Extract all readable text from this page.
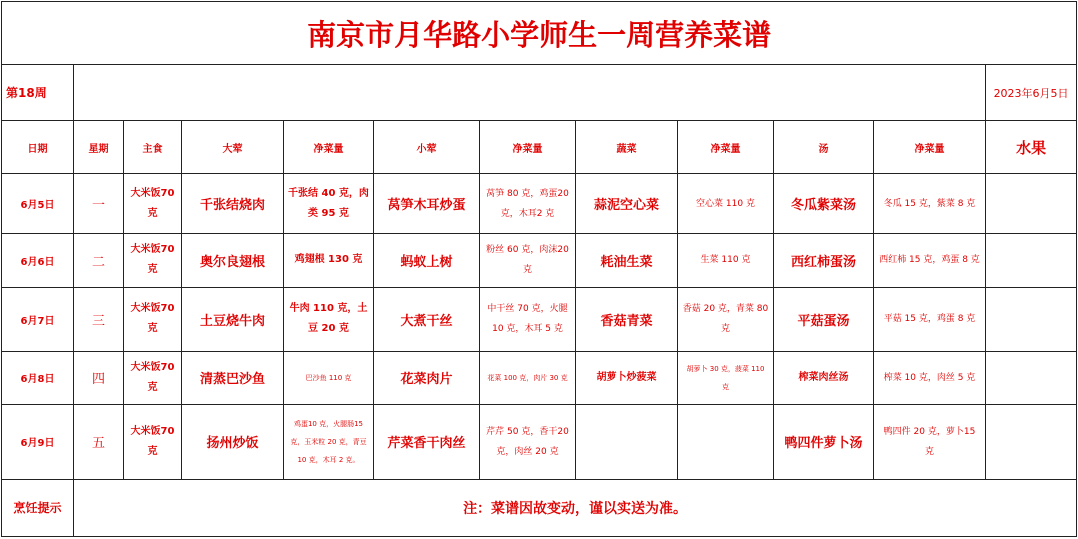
南京市月华路小学师生一周营养菜谱											
第18周											2023年6月5日
日期	星期	主食	大荤	净菜量	小荤	净菜量	蔬菜	净菜量	汤	净菜量	水果
6月5日	一	大米饭70克	千张结烧肉	千张结 40 克，肉类 95 克	莴笋木耳炒蛋	莴笋 80 克，鸡蛋20 克，木耳2 克	蒜泥空心菜	空心菜 110 克	冬瓜紫菜汤	冬瓜 15 克，紫菜 8 克	
6月6日	二	大米饭70克	奥尔良翅根	鸡翅根 130 克	蚂蚁上树	粉丝 60 克，肉沫20 克	耗油生菜	生菜 110 克	西红柿蛋汤	西红柿 15 克，鸡蛋 8 克	
6月7日	三	大米饭70克	土豆烧牛肉	牛肉 110 克，土豆 20 克	大煮干丝	中干丝 70 克，火腿 10 克，木耳 5 克	香菇青菜	香菇 20 克，青菜 80 克	平菇蛋汤	平菇 15 克，鸡蛋 8 克	
6月8日	四	大米饭70克	清蒸巴沙鱼	巴沙鱼 110 克	花菜肉片	花菜 100 克，肉片 30 克	胡萝卜炒菠菜	胡萝卜 30 克，菠菜 110 克	榨菜肉丝汤	榨菜 10 克，肉丝 5 克	
6月9日	五	大米饭70克	扬州炒饭	鸡蛋10 克，火腿肠15 克，玉米粒 20 克，青豆 10 克，木耳 2 克。	芹菜香干肉丝	芹芹 50 克，香干20 克，肉丝 20 克			鸭四件萝卜汤	鸭四件 20 克，萝卜15 克	
烹饪提示	注：菜谱因故变动，谨以实送为准。										
